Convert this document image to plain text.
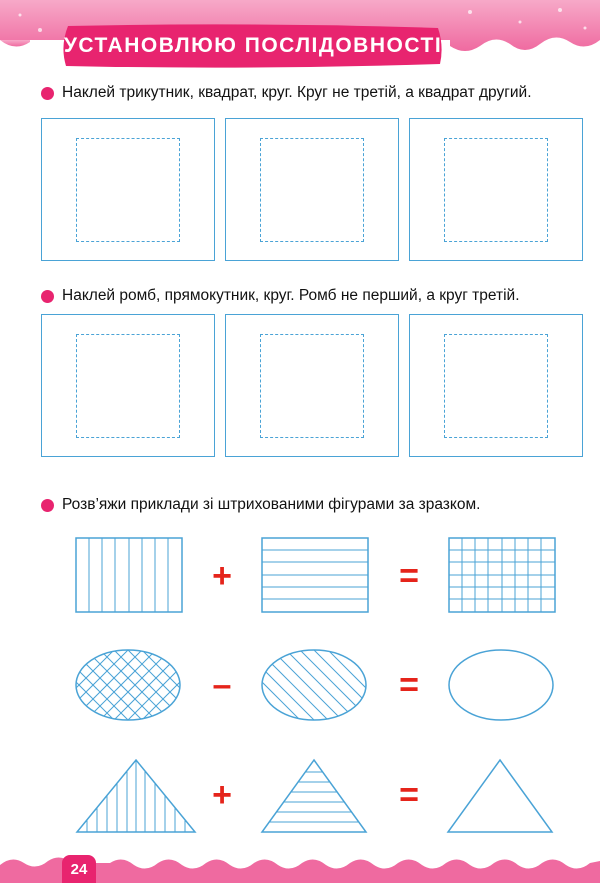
УСТАНОВЛЮЮ ПОСЛІДОВНОСТІ
Наклей трикутник, квадрат, круг. Круг не третій, а квадрат другий.
Наклей ромб, прямокутник, круг. Ромб не перший, а круг третій.
Розв’яжи приклади зі штрихованими фігурами за зразком.
+	=
–	=
+	=
24
